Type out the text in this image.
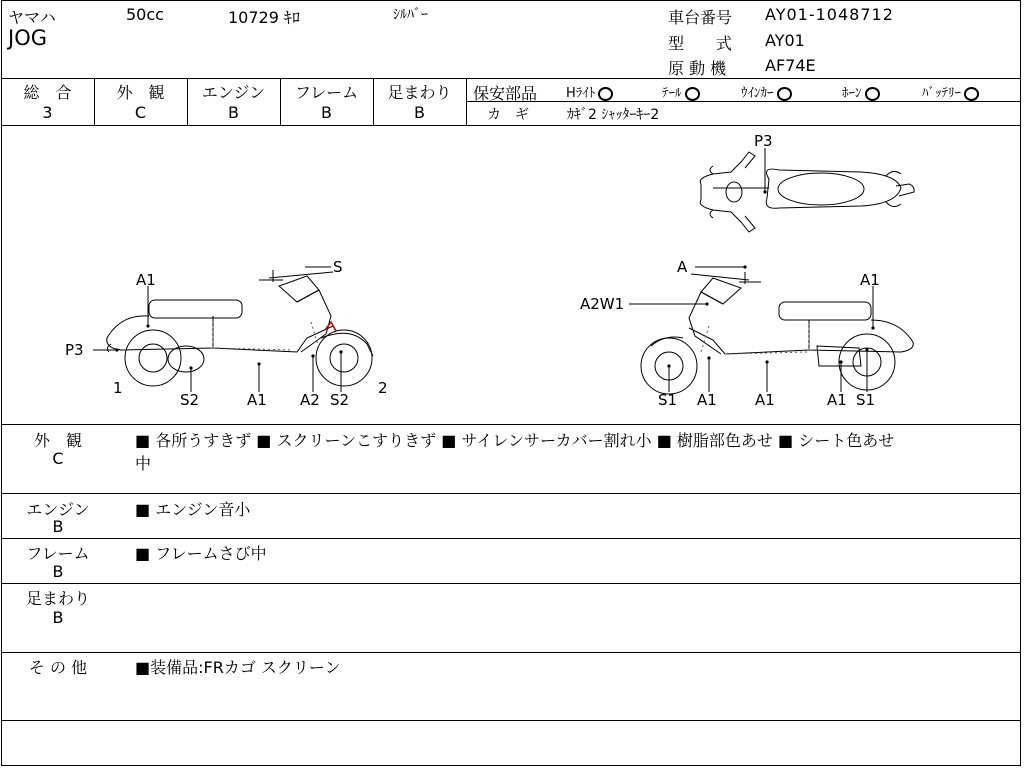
ヤマハ	50cc	10729 ｷﾛ	ｼﾙﾊﾞｰ
JOG
車台番号 AY01-1048712
型　　式 AY01
原 動 機 AF74E
総　合	外　観	エンジン	フレーム	足まわり
3	C	B	B	B
保安部品 Hﾗｲﾄ	ﾃｰﾙ	ｳｲﾝｶｰ	ﾎｰﾝ	ﾊﾞｯﾃﾘｰ
カ　ギ	ｶｷﾞ2 ｼｬｯﾀｰｷｰ2
P3
S
A1
P3
1
S2	A1 A2 S2
2
A
A1
A2W1
S1 A1	A1	A1 S1
外　観
C
■ 各所うすきず ■ スクリーンこすりきず ■ サイレンサーカバー割れ小 ■ 樹脂部色あせ ■ シート色あせ
中
エンジン
B
■ エンジン音小
フレーム
B
■ フレームさび中
足まわり
B
そ の 他	■装備品:FRカゴ スクリーン
